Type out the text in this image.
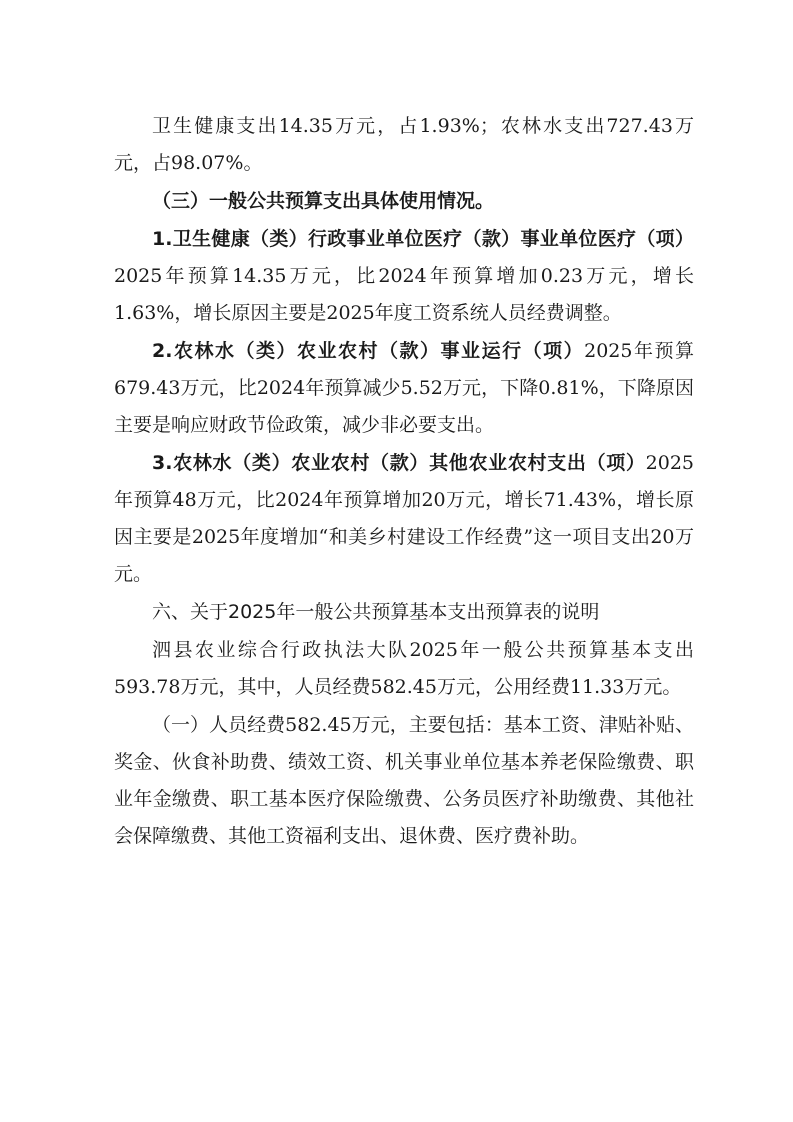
卫生健康支出14.35万元，占1.93%；农林水支出727.43万元，占98.07%。

（三）一般公共预算支出具体使用情况。

1.卫生健康（类）行政事业单位医疗（款）事业单位医疗（项）2025年预算14.35万元，比2024年预算增加0.23万元，增长1.63%，增长原因主要是2025年度工资系统人员经费调整。

2.农林水（类）农业农村（款）事业运行（项）2025年预算679.43万元，比2024年预算减少5.52万元，下降0.81%，下降原因主要是响应财政节俭政策，减少非必要支出。

3.农林水（类）农业农村（款）其他农业农村支出（项）2025年预算48万元，比2024年预算增加20万元，增长71.43%，增长原因主要是2025年度增加“和美乡村建设工作经费”这一项目支出20万元。

六、关于2025年一般公共预算基本支出预算表的说明

泗县农业综合行政执法大队2025年一般公共预算基本支出593.78万元，其中，人员经费582.45万元，公用经费11.33万元。

（一）人员经费582.45万元，主要包括：基本工资、津贴补贴、奖金、伙食补助费、绩效工资、机关事业单位基本养老保险缴费、职业年金缴费、职工基本医疗保险缴费、公务员医疗补助缴费、其他社会保障缴费、其他工资福利支出、退休费、医疗费补助。
